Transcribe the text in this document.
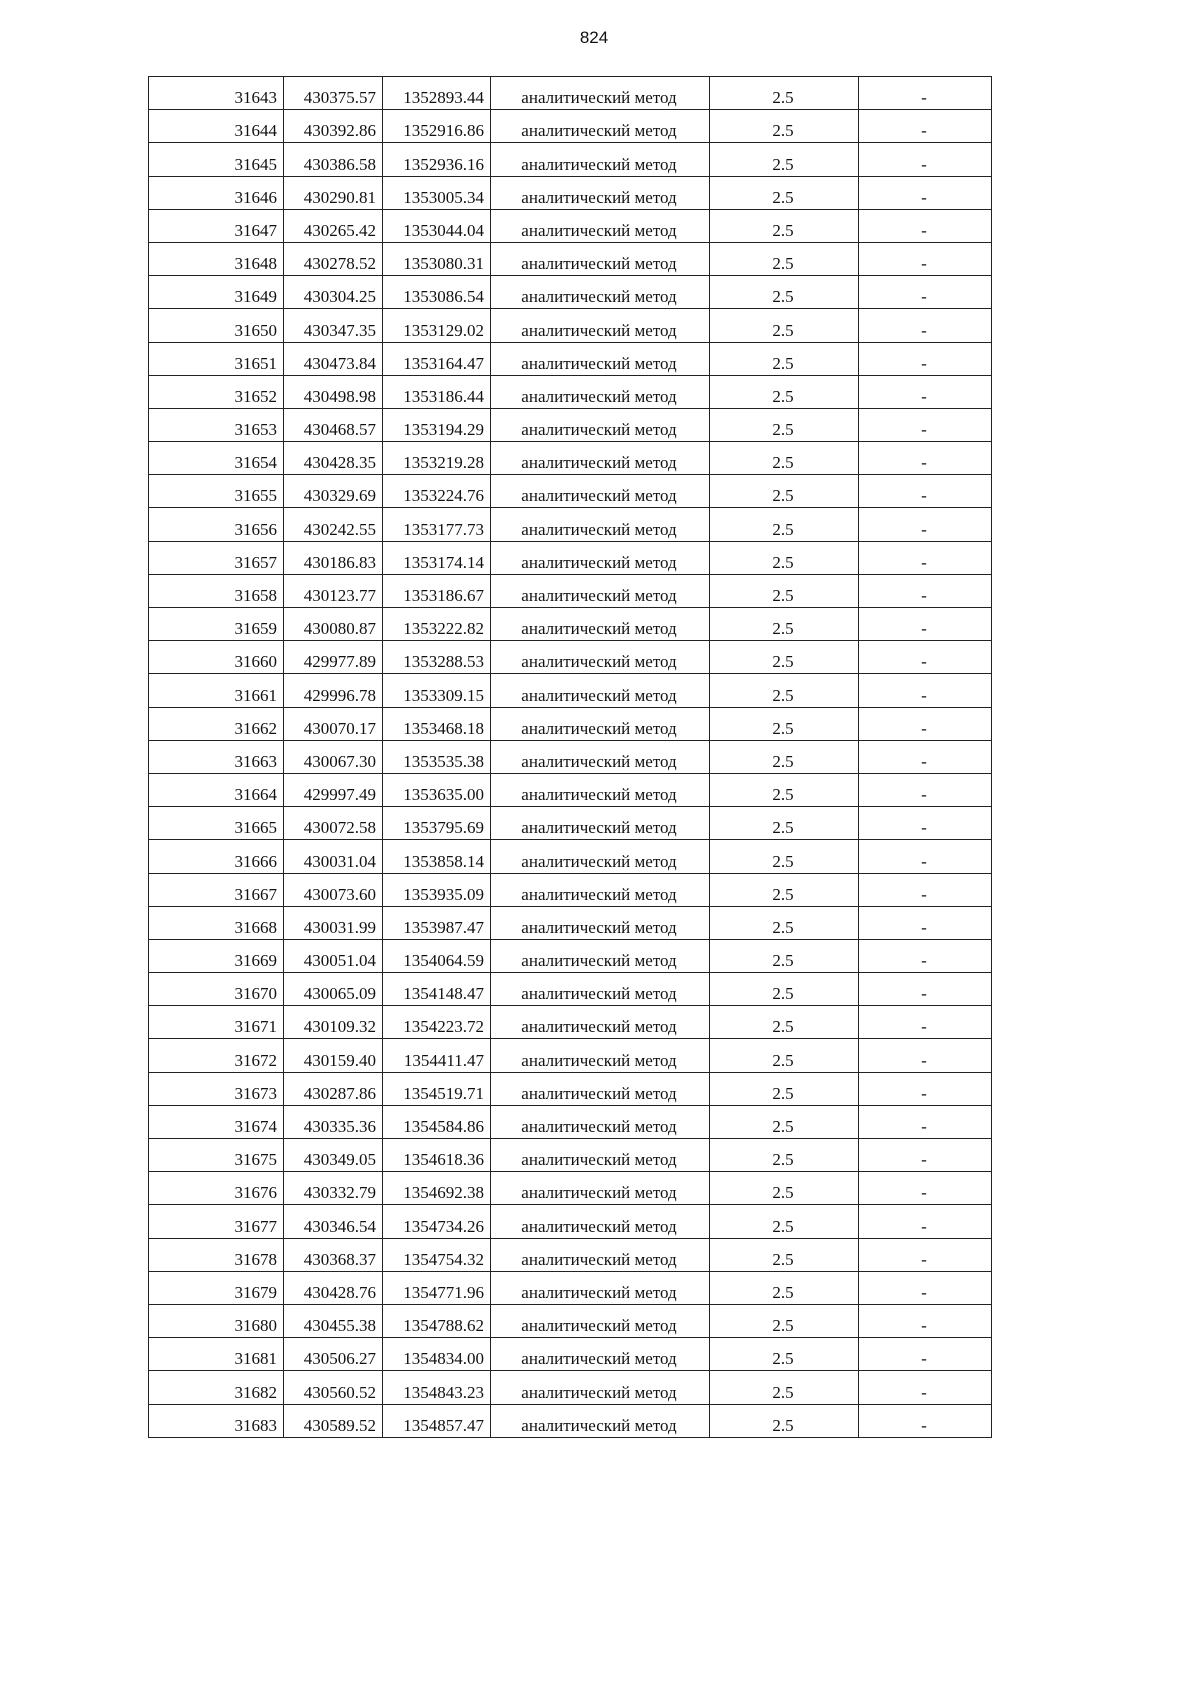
824
31643	430375.57	1352893.44	аналитический метод	2.5	-
31644	430392.86	1352916.86	аналитический метод	2.5	-
31645	430386.58	1352936.16	аналитический метод	2.5	-
31646	430290.81	1353005.34	аналитический метод	2.5	-
31647	430265.42	1353044.04	аналитический метод	2.5	-
31648	430278.52	1353080.31	аналитический метод	2.5	-
31649	430304.25	1353086.54	аналитический метод	2.5	-
31650	430347.35	1353129.02	аналитический метод	2.5	-
31651	430473.84	1353164.47	аналитический метод	2.5	-
31652	430498.98	1353186.44	аналитический метод	2.5	-
31653	430468.57	1353194.29	аналитический метод	2.5	-
31654	430428.35	1353219.28	аналитический метод	2.5	-
31655	430329.69	1353224.76	аналитический метод	2.5	-
31656	430242.55	1353177.73	аналитический метод	2.5	-
31657	430186.83	1353174.14	аналитический метод	2.5	-
31658	430123.77	1353186.67	аналитический метод	2.5	-
31659	430080.87	1353222.82	аналитический метод	2.5	-
31660	429977.89	1353288.53	аналитический метод	2.5	-
31661	429996.78	1353309.15	аналитический метод	2.5	-
31662	430070.17	1353468.18	аналитический метод	2.5	-
31663	430067.30	1353535.38	аналитический метод	2.5	-
31664	429997.49	1353635.00	аналитический метод	2.5	-
31665	430072.58	1353795.69	аналитический метод	2.5	-
31666	430031.04	1353858.14	аналитический метод	2.5	-
31667	430073.60	1353935.09	аналитический метод	2.5	-
31668	430031.99	1353987.47	аналитический метод	2.5	-
31669	430051.04	1354064.59	аналитический метод	2.5	-
31670	430065.09	1354148.47	аналитический метод	2.5	-
31671	430109.32	1354223.72	аналитический метод	2.5	-
31672	430159.40	1354411.47	аналитический метод	2.5	-
31673	430287.86	1354519.71	аналитический метод	2.5	-
31674	430335.36	1354584.86	аналитический метод	2.5	-
31675	430349.05	1354618.36	аналитический метод	2.5	-
31676	430332.79	1354692.38	аналитический метод	2.5	-
31677	430346.54	1354734.26	аналитический метод	2.5	-
31678	430368.37	1354754.32	аналитический метод	2.5	-
31679	430428.76	1354771.96	аналитический метод	2.5	-
31680	430455.38	1354788.62	аналитический метод	2.5	-
31681	430506.27	1354834.00	аналитический метод	2.5	-
31682	430560.52	1354843.23	аналитический метод	2.5	-
31683	430589.52	1354857.47	аналитический метод	2.5	-
